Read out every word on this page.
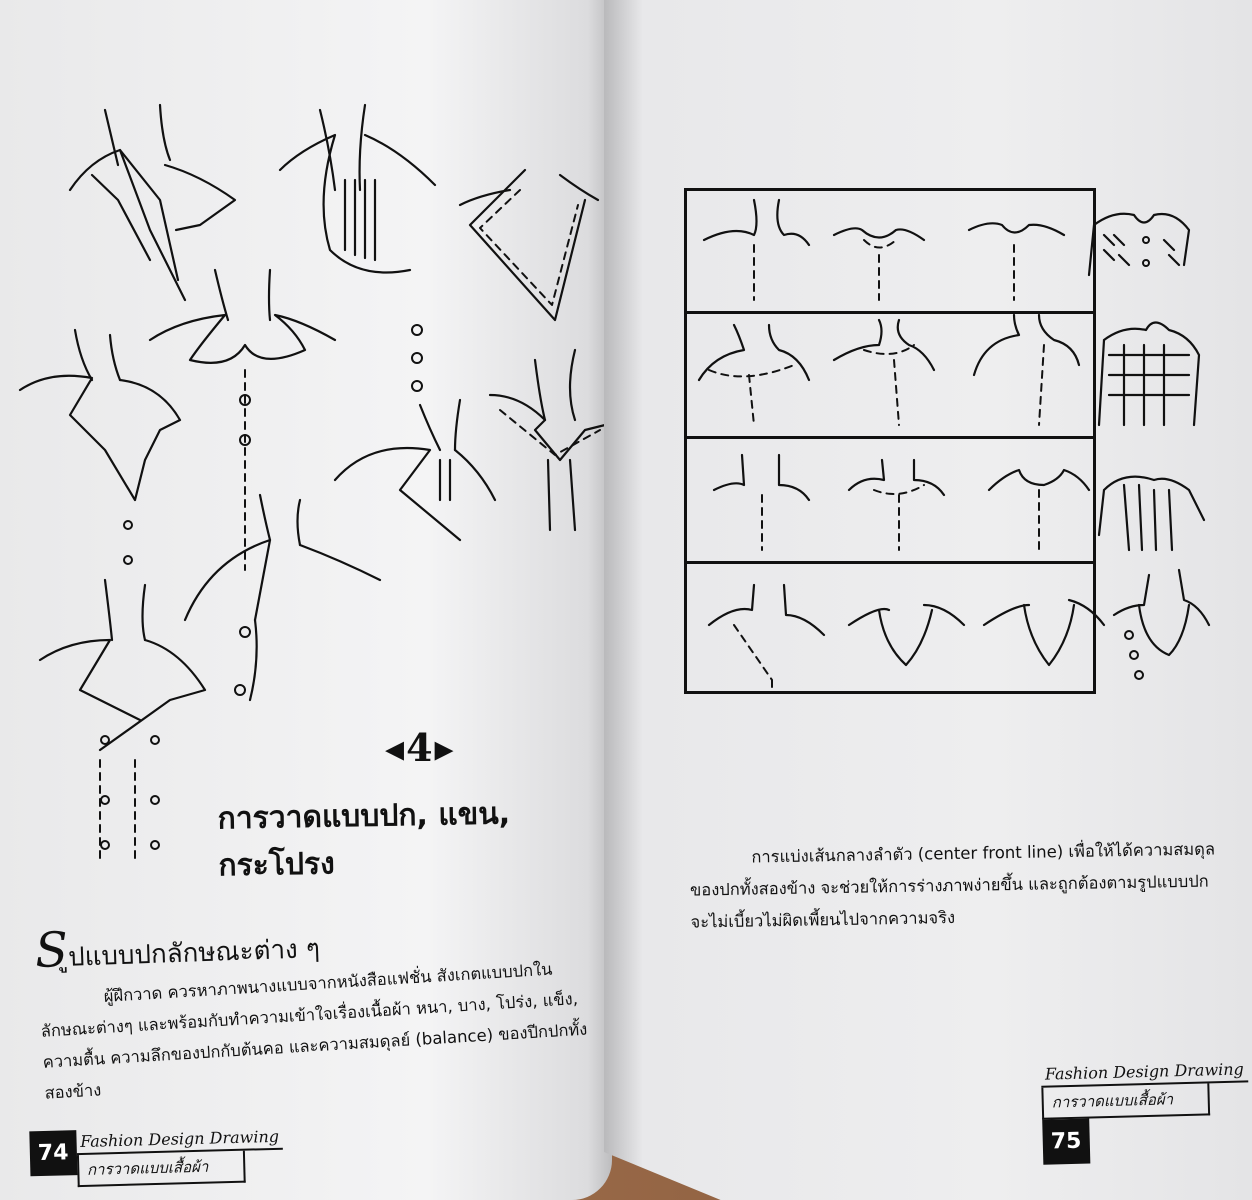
◂4▸
การวาดแบบปก, แขน, กระโปรง
Sูปแบบปกลักษณะต่าง ๆ

ผู้ฝึกวาด ควรหาภาพนางแบบจากหนังสือแฟชั่น สังเกตแบบปกในลักษณะต่างๆ และพร้อมกับทำความเข้าใจเรื่องเนื้อผ้า หนา, บาง, โปร่ง, แข็ง, ความตื้น ความลึกของปกกับต้นคอ และความสมดุลย์ (balance) ของปีกปกทั้งสองข้าง

74
Fashion Design Drawing
การวาดแบบเสื้อผ้า

การแบ่งเส้นกลางลำตัว (center front line) เพื่อให้ได้ความสมดุลของปกทั้งสองข้าง จะช่วยให้การร่างภาพง่ายขึ้น และถูกต้องตามรูปแบบปกจะไม่เบี้ยวไม่ผิดเพี้ยนไปจากความจริง

Fashion Design Drawing
การวาดแบบเสื้อผ้า
75
